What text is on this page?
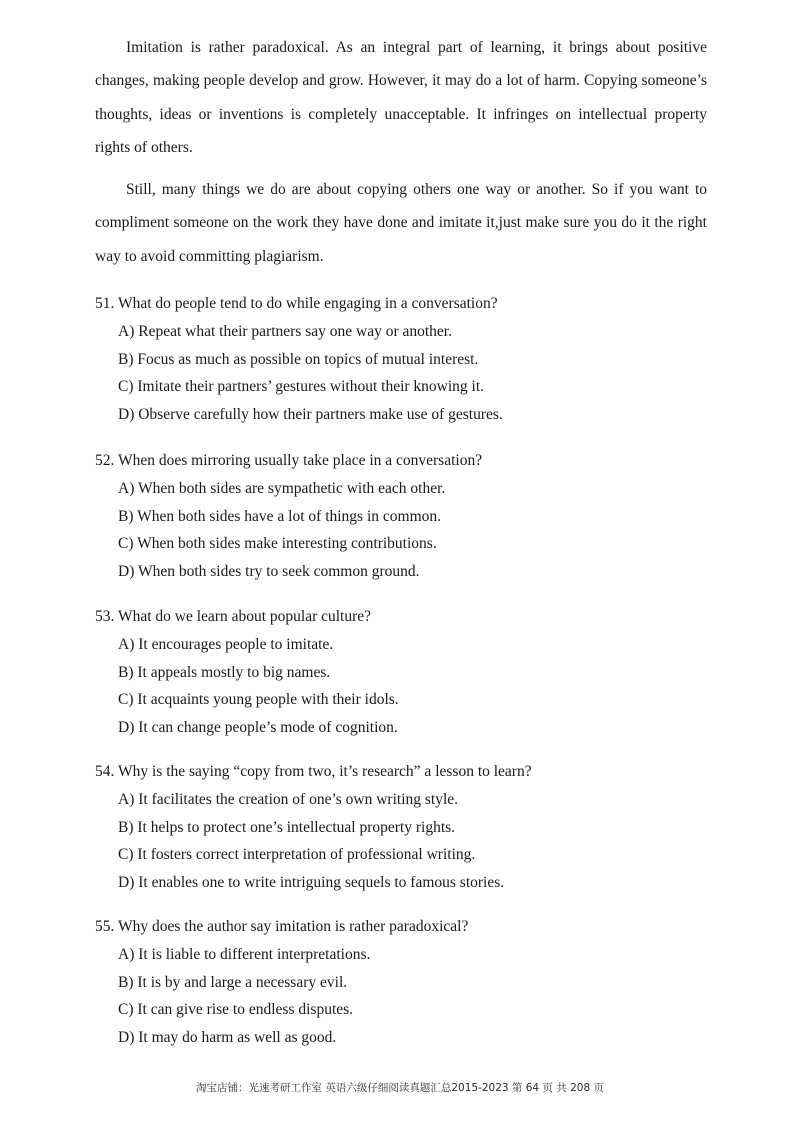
Imitation is rather paradoxical. As an integral part of learning, it brings about positive changes, making people develop and grow. However, it may do a lot of harm. Copying someone’s thoughts, ideas or inventions is completely unacceptable. It infringes on intellectual property rights of others.

Still, many things we do are about copying others one way or another. So if you want to compliment someone on the work they have done and imitate it,just make sure you do it the right way to avoid committing plagiarism.

51. What do people tend to do while engaging in a conversation?

A) Repeat what their partners say one way or another.
B) Focus as much as possible on topics of mutual interest.
C) Imitate their partners’ gestures without their knowing it.
D) Observe carefully how their partners make use of gestures.

52. When does mirroring usually take place in a conversation?

A) When both sides are sympathetic with each other.
B) When both sides have a lot of things in common.
C) When both sides make interesting contributions.
D) When both sides try to seek common ground.

53. What do we learn about popular culture?

A) It encourages people to imitate.
B) It appeals mostly to big names.
C) It acquaints young people with their idols.
D) It can change people’s mode of cognition.

54. Why is the saying “copy from two, it’s research” a lesson to learn?

A) It facilitates the creation of one’s own writing style.
B) It helps to protect one’s intellectual property rights.
C) It fosters correct interpretation of professional writing.
D) It enables one to write intriguing sequels to famous stories.

55. Why does the author say imitation is rather paradoxical?

A) It is liable to different interpretations.
B) It is by and large a necessary evil.
C) It can give rise to endless disputes.
D) It may do harm as well as good.
淘宝店铺：光速考研工作室 英语六级仔细阅读真题汇总2015-2023 第 64 页 共 208 页
